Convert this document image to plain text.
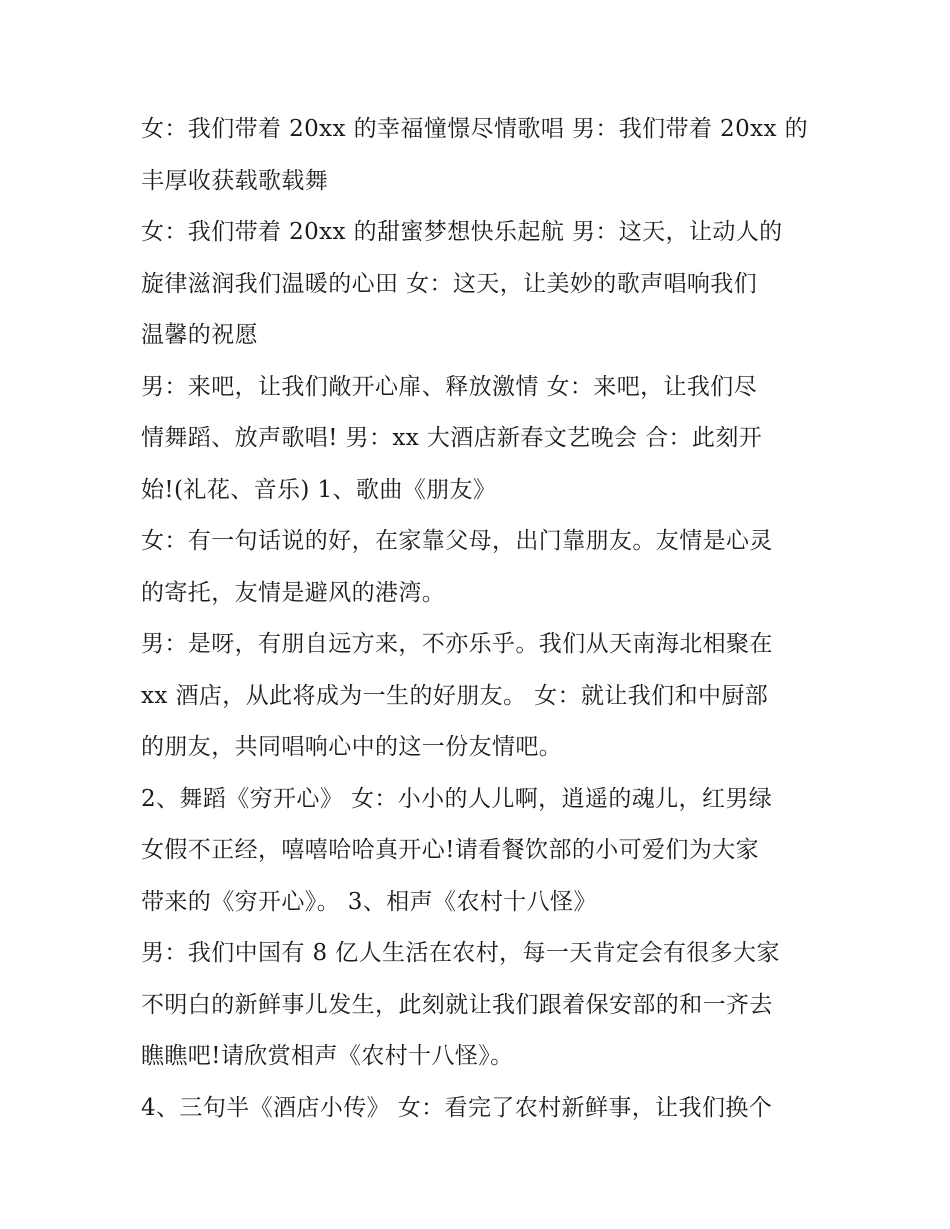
女：我们带着 20xx 的幸福憧憬尽情歌唱 男：我们带着 20xx 的
丰厚收获载歌载舞
女：我们带着 20xx 的甜蜜梦想快乐起航 男：这天，让动人的
旋律滋润我们温暖的心田 女：这天，让美妙的歌声唱响我们
温馨的祝愿
男：来吧，让我们敞开心扉、释放激情 女：来吧，让我们尽
情舞蹈、放声歌唱! 男：xx 大酒店新春文艺晚会 合：此刻开
始!(礼花、音乐) 1、歌曲《朋友》
女：有一句话说的好，在家靠父母，出门靠朋友。友情是心灵
的寄托，友情是避风的港湾。
男：是呀，有朋自远方来，不亦乐乎。我们从天南海北相聚在
xx 酒店，从此将成为一生的好朋友。 女：就让我们和中厨部
的朋友，共同唱响心中的这一份友情吧。
2、舞蹈《穷开心》 女：小小的人儿啊，逍遥的魂儿，红男绿
女假不正经，嘻嘻哈哈真开心!请看餐饮部的小可爱们为大家
带来的《穷开心》。 3、相声《农村十八怪》
男：我们中国有 8 亿人生活在农村，每一天肯定会有很多大家
不明白的新鲜事儿发生，此刻就让我们跟着保安部的和一齐去
瞧瞧吧!请欣赏相声《农村十八怪》。
4、三句半《酒店小传》 女：看完了农村新鲜事，让我们换个
